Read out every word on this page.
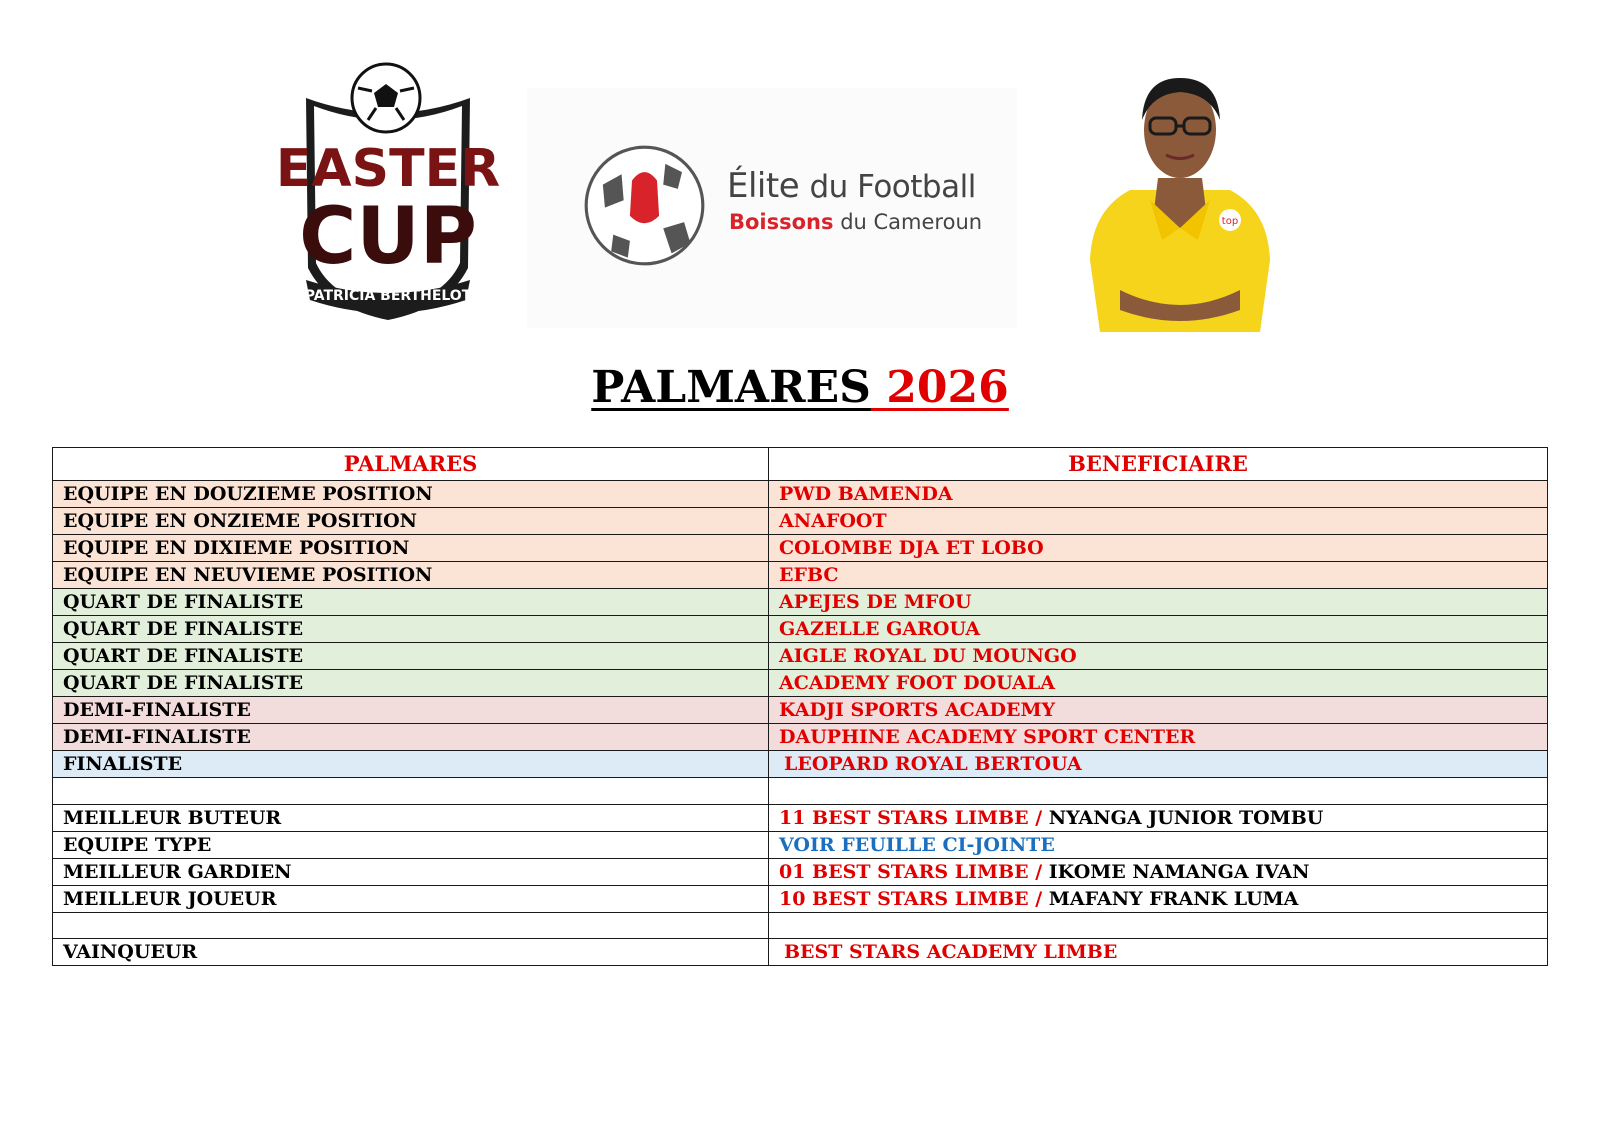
EASTER
CUP
PATRICIA BERTHELOT
Élite du Football
Boissons du Cameroun	top
PALMARES 2026
PALMARES	BENEFICIAIRE
EQUIPE EN DOUZIEME POSITION	PWD BAMENDA
EQUIPE EN ONZIEME POSITION	ANAFOOT
EQUIPE EN DIXIEME POSITION	COLOMBE DJA ET LOBO
EQUIPE EN NEUVIEME POSITION	EFBC
QUART DE FINALISTE	APEJES DE MFOU
QUART DE FINALISTE	GAZELLE GAROUA
QUART DE FINALISTE	AIGLE ROYAL DU MOUNGO
QUART DE FINALISTE	ACADEMY FOOT DOUALA
DEMI-FINALISTE	KADJI SPORTS ACADEMY
DEMI-FINALISTE	DAUPHINE ACADEMY SPORT CENTER
FINALISTE	LEOPARD ROYAL BERTOUA

MEILLEUR BUTEUR	11 BEST STARS LIMBE / NYANGA JUNIOR TOMBU
EQUIPE TYPE	VOIR FEUILLE CI-JOINTE
MEILLEUR GARDIEN	01 BEST STARS LIMBE / IKOME NAMANGA IVAN
MEILLEUR JOUEUR	10 BEST STARS LIMBE / MAFANY FRANK LUMA

VAINQUEUR	BEST STARS ACADEMY LIMBE
